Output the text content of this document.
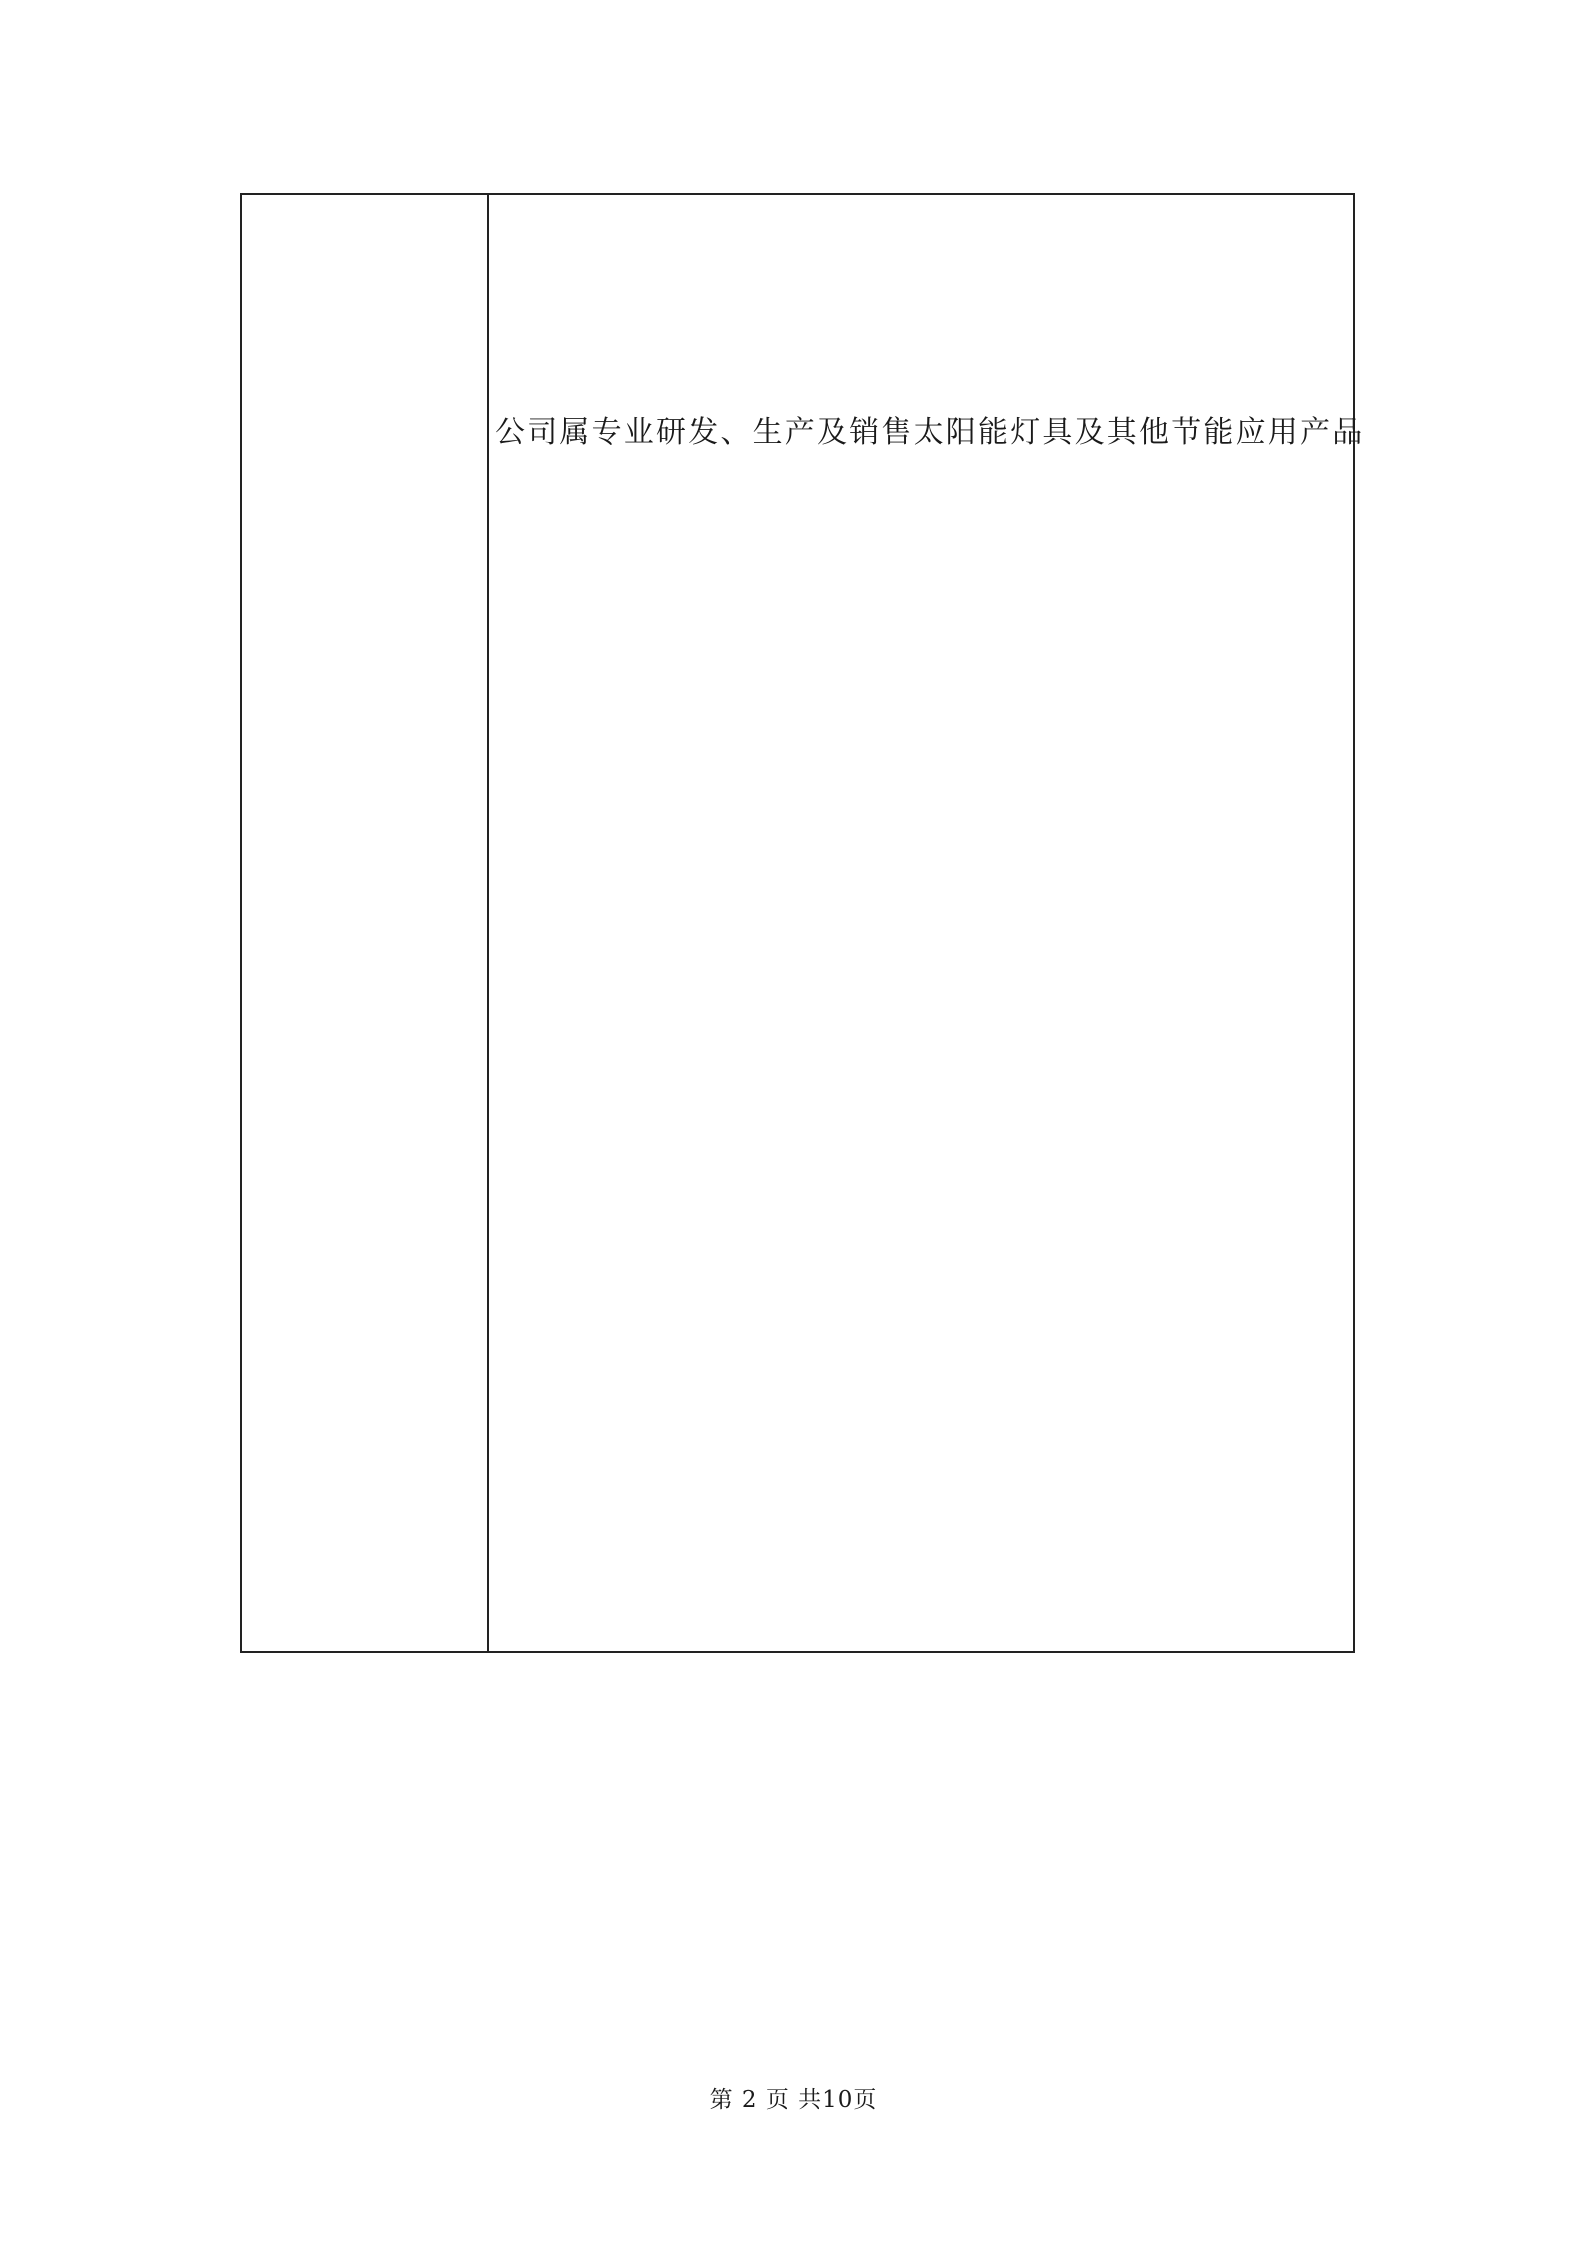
公司属专业研发、生产及销售太阳能灯具及其他节能应用产品
第 2 页 共10页
